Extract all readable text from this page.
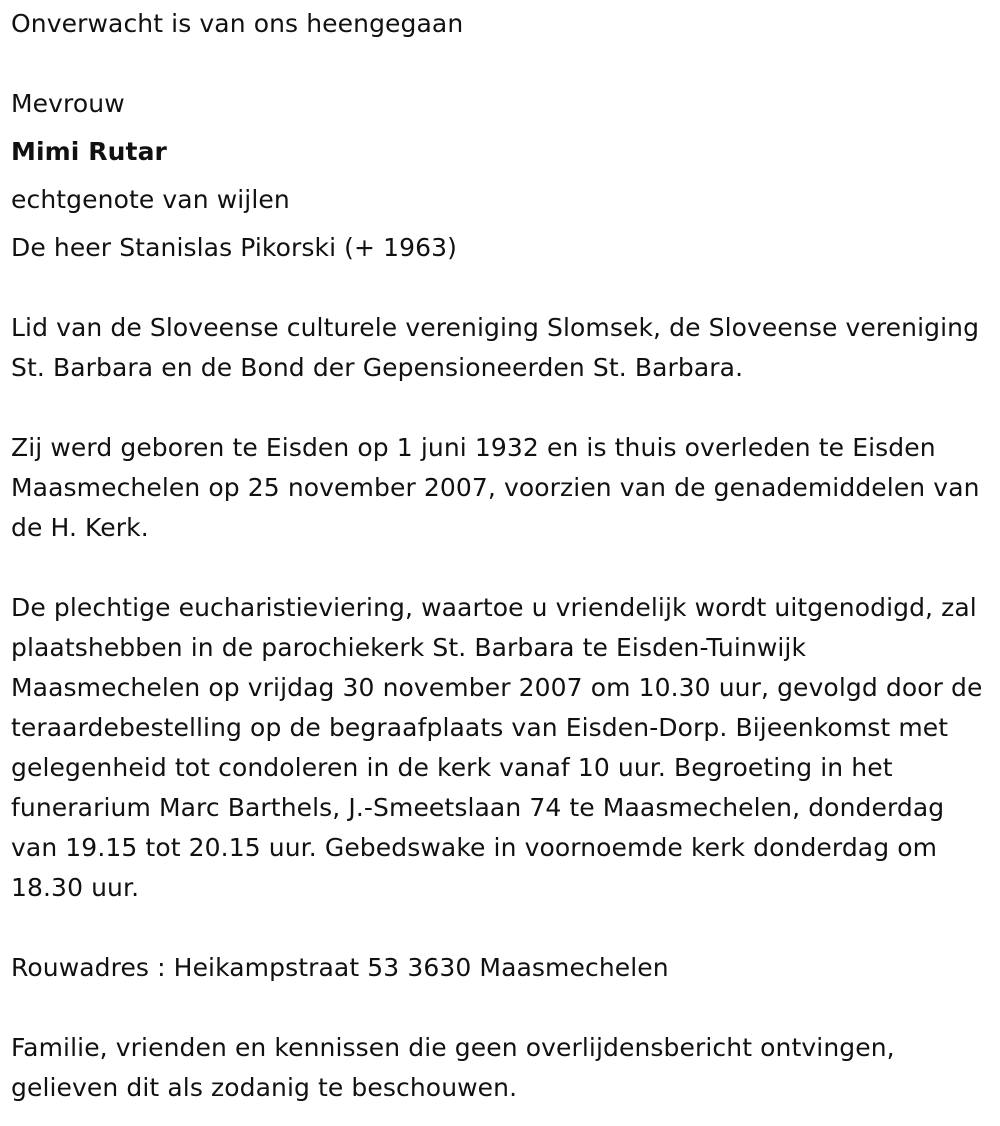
Onverwacht is van ons heengegaan
Mevrouw
Mimi Rutar
echtgenote van wijlen
De heer Stanislas Pikorski (+ 1963)
Lid van de Sloveense culturele vereniging Slomsek, de Sloveense vereniging St. Barbara en de Bond der Gepensioneerden St. Barbara.
Zij werd geboren te Eisden op 1 juni 1932 en is thuis overleden te Eisden Maasmechelen op 25 november 2007, voorzien van de genademiddelen van de H. Kerk.
De plechtige eucharistieviering, waartoe u vriendelijk wordt uitgenodigd, zal plaatshebben in de parochiekerk St. Barbara te Eisden-Tuinwijk Maasmechelen op vrijdag 30 november 2007 om 10.30 uur, gevolgd door de teraardebestelling op de begraafplaats van Eisden-Dorp. Bijeenkomst met gelegenheid tot condoleren in de kerk vanaf 10 uur. Begroeting in het funerarium Marc Barthels, J.-Smeetslaan 74 te Maasmechelen, donderdag van 19.15 tot 20.15 uur. Gebedswake in voornoemde kerk donderdag om 18.30 uur.
Rouwadres : Heikampstraat 53 3630 Maasmechelen
Familie, vrienden en kennissen die geen overlijdensbericht ontvingen, gelieven dit als zodanig te beschouwen.
